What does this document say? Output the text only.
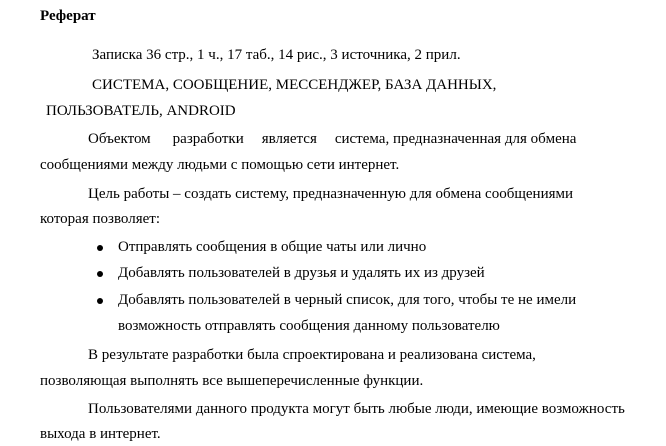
Реферат
Записка 36 стр., 1 ч., 17 таб., 14 рис., 3 источника, 2 прил.
СИСТЕМА, СООБЩЕНИЕ, МЕССЕНДЖЕР, БАЗА ДАННЫХ,
ПОЛЬЗОВАТЕЛЬ, ANDROID
Объектом разработки является система, предназначенная для обмена
сообщениями между людьми с помощью сети интернет.
Цель работы – создать систему, предназначенную для обмена сообщениями
которая позволяет:
Отправлять сообщения в общие чаты или лично
Добавлять пользователей в друзья и удалять их из друзей
Добавлять пользователей в черный список, для того, чтобы те не имели
возможность отправлять сообщения данному пользователю
В результате разработки была спроектирована и реализована система,
позволяющая выполнять все вышеперечисленные функции.
Пользователями данного продукта могут быть любые люди, имеющие возможность
выхода в интернет.
